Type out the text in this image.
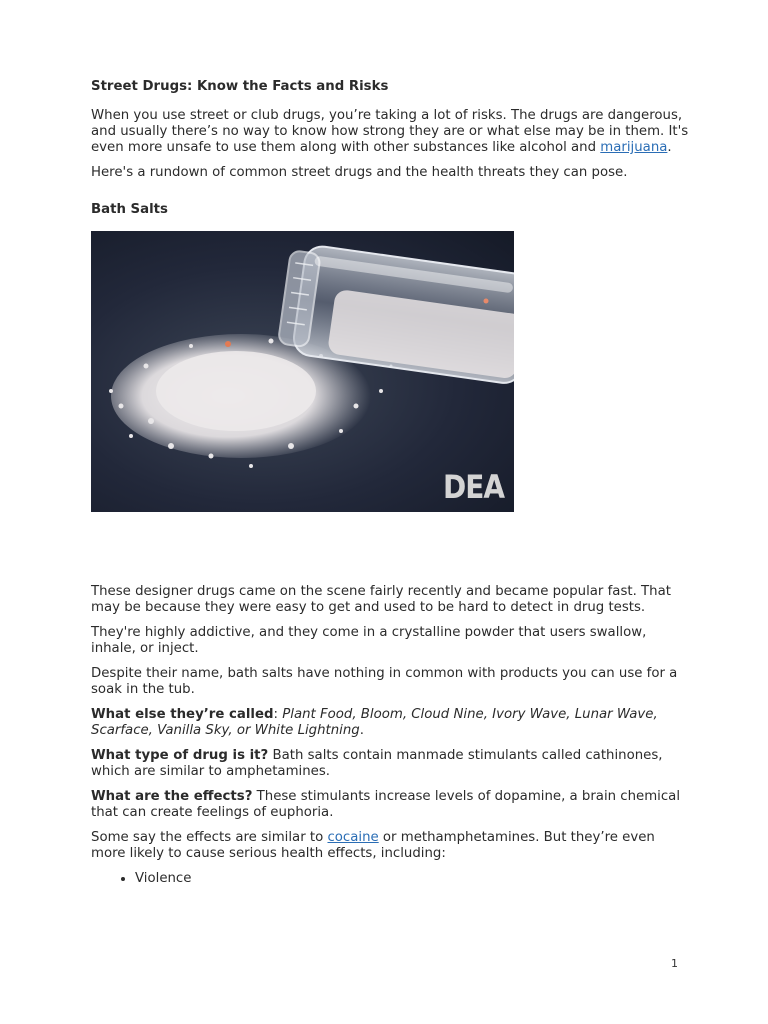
Street Drugs: Know the Facts and Risks

When you use street or club drugs, you’re taking a lot of risks. The drugs are dangerous, and usually there’s no way to know how strong they are or what else may be in them. It's even more unsafe to use them along with other substances like alcohol and marijuana.

Here's a rundown of common street drugs and the health threats they can pose.

Bath Salts
DEA

These designer drugs came on the scene fairly recently and became popular fast. That may be because they were easy to get and used to be hard to detect in drug tests.

They're highly addictive, and they come in a crystalline powder that users swallow, inhale, or inject.

Despite their name, bath salts have nothing in common with products you can use for a soak in the tub.

What else they’re called: Plant Food, Bloom, Cloud Nine, Ivory Wave, Lunar Wave, Scarface, Vanilla Sky, or White Lightning.

What type of drug is it? Bath salts contain manmade stimulants called cathinones, which are similar to amphetamines.

What are the effects? These stimulants increase levels of dopamine, a brain chemical that can create feelings of euphoria.

Some say the effects are similar to cocaine or methamphetamines. But they’re even more likely to cause serious health effects, including:

• Violence
1
